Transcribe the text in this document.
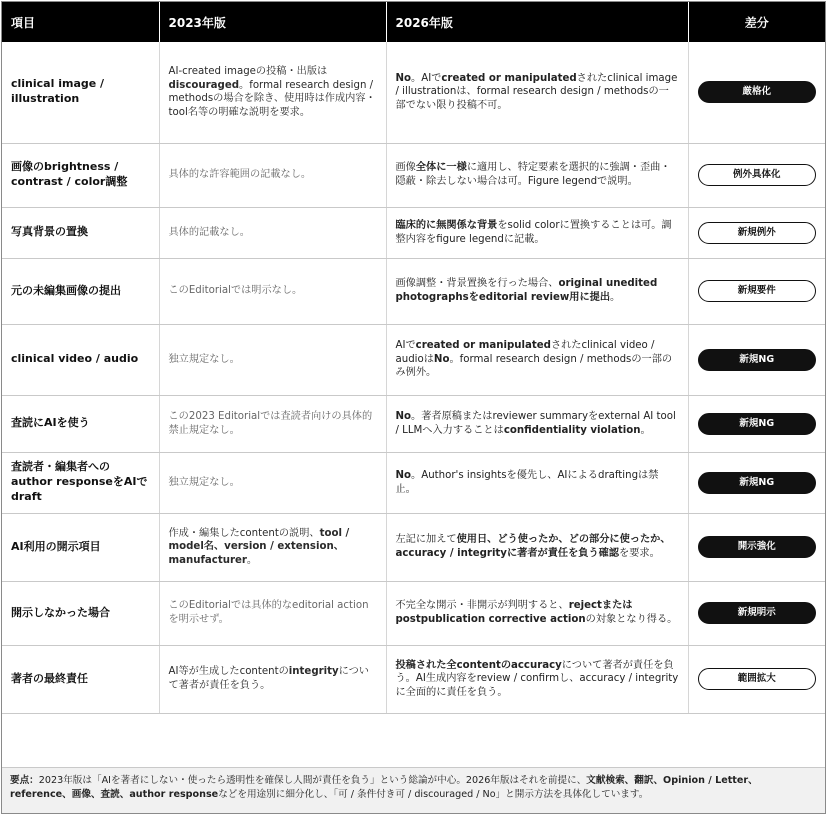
項目	2023年版	2026年版	差分
clinical image / illustration	AI-created imageの投稿・出版は discouraged。formal research design / methodsの場合を除き、使用時は作成内容・tool名等の明確な説明を要求。	No。AIでcreated or manipulatedされたclinical image / illustrationは、formal research design / methodsの一部でない限り投稿不可。	厳格化
画像のbrightness / contrast / color調整	具体的な許容範囲の記載なし。	画像全体に一様に適用し、特定要素を選択的に強調・歪曲・隠蔽・除去しない場合は可。Figure legendで説明。	例外具体化
写真背景の置換	具体的記載なし。	臨床的に無関係な背景をsolid colorに置換することは可。調整内容をfigure legendに記載。	新規例外
元の未編集画像の提出	このEditorialでは明示なし。	画像調整・背景置換を行った場合、original unedited photographsをeditorial review用に提出。	新規要件
clinical video / audio	独立規定なし。	AIでcreated or manipulatedされたclinical video / audioはNo。formal research design / methodsの一部のみ例外。	新規NG
査読にAIを使う	この2023 Editorialでは査読者向けの具体的禁止規定なし。	No。著者原稿またはreviewer summaryをexternal AI tool / LLMへ入力することはconfidentiality violation。	新規NG
査読者・編集者へのauthor responseをAIでdraft	独立規定なし。	No。Author's insightsを優先し、AIによるdraftingは禁止。	新規NG
AI利用の開示項目	作成・編集したcontentの説明、tool / model名、version / extension、manufacturer。	左記に加えて使用日、どう使ったか、どの部分に使ったか、accuracy / integrityに著者が責任を負う確認を要求。	開示強化
開示しなかった場合	このEditorialでは具体的なeditorial actionを明示せず。	不完全な開示・非開示が判明すると、rejectまたはpostpublication corrective actionの対象となり得る。	新規明示
著者の最終責任	AI等が生成したcontentのintegrityについて著者が責任を負う。	投稿された全contentのaccuracyについて著者が責任を負う。AI生成内容をreview / confirmし、accuracy / integrityに全面的に責任を負う。	範囲拡大
要点：2023年版は「AIを著者にしない・使ったら透明性を確保し人間が責任を負う」という総論が中心。2026年版はそれを前提に、文献検索、翻訳、Opinion / Letter、reference、画像、査読、author responseなどを用途別に細分化し、「可 / 条件付き可 / discouraged / No」と開示方法を具体化しています。
